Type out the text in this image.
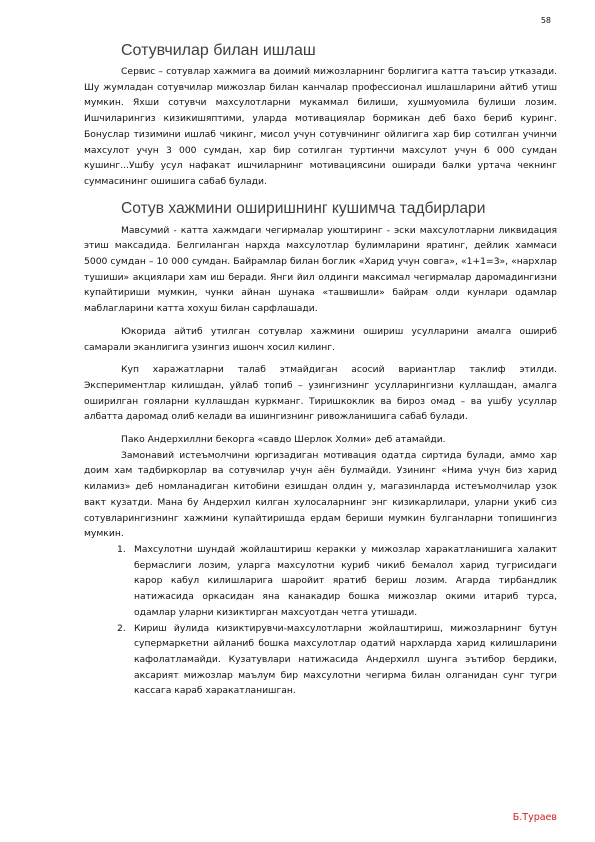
58
Сотувчилар билан ишлаш

Сервис – сотувлар хажмига ва доимий мижозларнинг борлигига катта таъсир утказади. Шу жумладан сотувчилар мижозлар билан канчалар профессионал ишлашларини айтиб утиш мумкин. Яхши сотувчи махсулотларни мукаммал билиши, хушмуомила булиши лозим. Ишчиларингиз кизикишяптими, уларда мотивациялар бормикан деб бахо бериб куринг. Бонуслар тизимини ишлаб чикинг, мисол учун сотувчининг ойлигига хар бир сотилган учинчи махсулот учун 3 000 сумдан, хар бир сотилган туртинчи махсулот учун 6 000 сумдан кушинг...Ушбу усул нафакат ишчиларнинг мотивациясини оширади балки уртача чекнинг суммасининг ошишига сабаб булади.

Сотув хажмини оширишнинг кушимча тадбирлари

Мавсумий - катта хажмдаги чегирмалар уюштиринг - эски махсулотларни ликвидация этиш максадида. Белгиланган нархда махсулотлар булимларини яратинг, дейлик хаммаси 5000 сумдан – 10 000 сумдан. Байрамлар билан боглик «Харид учун совга», «1+1=3», «нархлар тушиши» акциялари хам иш беради. Янги йил олдинги максимал чегирмалар даромадингизни купайтириши мумкин, чунки айнан шунака «ташвишли» байрам олди кунлари одамлар маблагларини катта хохуш билан сарфлашади.

Юкорида айтиб утилган сотувлар хажмини ошириш усулларини амалга ошириб самарали эканлигига узингиз ишонч хосил килинг.

Куп харажатларни талаб этмайдиган асосий вариантлар таклиф этилди. Экспериментлар килишдан, уйлаб топиб – узингизнинг усулларингизни куллашдан, амалга оширилган гояларни куллашдан куркманг. Тиришкоклик ва бироз омад – ва ушбу усуллар албатта даромад олиб келади ва ишингизнинг ривожланишига сабаб булади.

Пако Андерхиллни бекорга «савдо Шерлок Холми» деб атамайди.

Замонавий истеъмолчини юргизадиган мотивация одатда сиртида булади, аммо хар доим хам тадбиркорлар ва сотувчилар учун аён булмайди. Узининг «Нима учун биз харид киламиз» деб номланадиган китобини езишдан олдин у, магазинларда истеъмолчилар узок вакт кузатди. Мана бу Андерхил килган хулосаларнинг энг кизикарлилари, уларни укиб сиз сотувларингизнинг хажмини купайтиришда ердам бериши мумкин булганларни топишингиз мумкин.

1. Махсулотни шундай жойлаштириш керакки у мижозлар харакатланишига халакит бермаслиги лозим, уларга махсулотни куриб чикиб бемалол харид тугрисидаги карор кабул килишларига шаройит яратиб бериш лозим. Агарда тирбандлик натижасида оркасидан яна канакадир бошка мижозлар окими итариб турса, одамлар уларни кизиктирган махсуотдан четга утишади.
2. Кириш йулида кизиктирувчи-махсулотларни жойлаштириш, мижозларнинг бутун супермаркетни айланиб бошка махсулотлар одатий нархларда харид килишларини кафолатламайди. Кузатувлари натижасида Андерхилл шунга эътибор бердики, аксарият мижозлар маълум бир махсулотни чегирма билан олганидан сунг тугри кассага караб харакатланишган.
Б.Тураев
